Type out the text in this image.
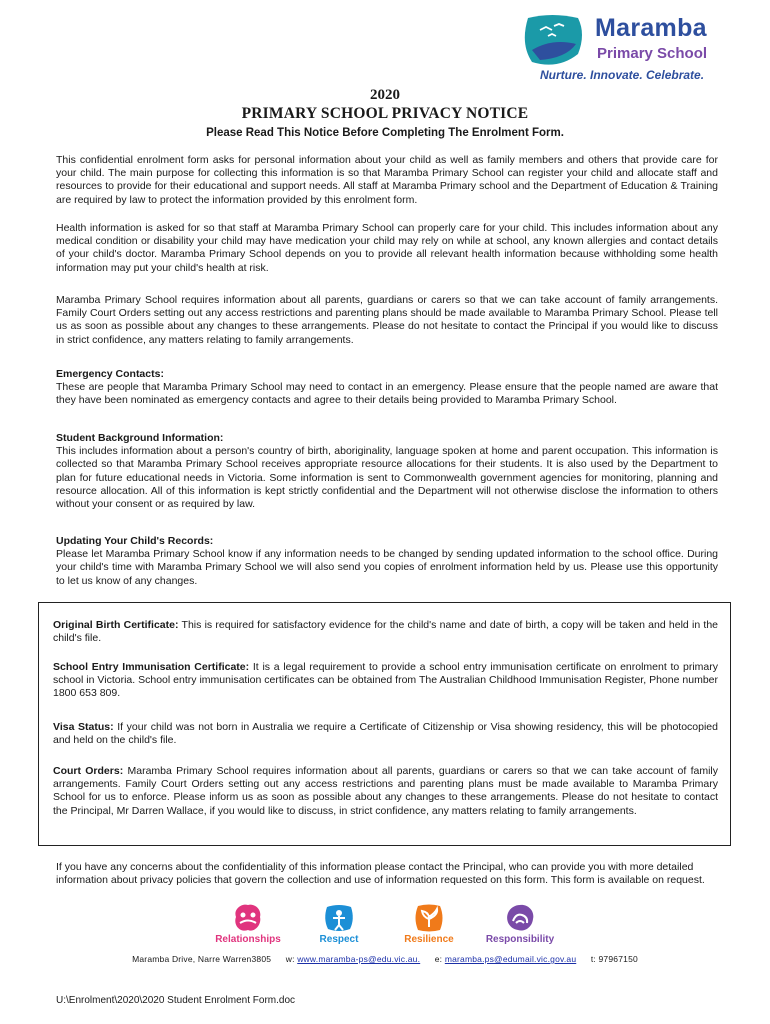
Maramba
Primary School
Nurture. Innovate. Celebrate.
2020
PRIMARY SCHOOL PRIVACY NOTICE
Please Read This Notice Before Completing The Enrolment Form.
This confidential enrolment form asks for personal information about your child as well as family members and others that provide care for your child. The main purpose for collecting this information is so that Maramba Primary School can register your child and allocate staff and resources to provide for their educational and support needs. All staff at Maramba Primary school and the Department of Education & Training are required by law to protect the information provided by this enrolment form.
Health information is asked for so that staff at Maramba Primary School can properly care for your child. This includes information about any medical condition or disability your child may have medication your child may rely on while at school, any known allergies and contact details of your child's doctor. Maramba Primary School depends on you to provide all relevant health information because withholding some health information may put your child's health at risk.
Maramba Primary School requires information about all parents, guardians or carers so that we can take account of family arrangements. Family Court Orders setting out any access restrictions and parenting plans should be made available to Maramba Primary School. Please tell us as soon as possible about any changes to these arrangements. Please do not hesitate to contact the Principal if you would like to discuss in strict confidence, any matters relating to family arrangements.
Emergency Contacts:
These are people that Maramba Primary School may need to contact in an emergency. Please ensure that the people named are aware that they have been nominated as emergency contacts and agree to their details being provided to Maramba Primary School.
Student Background Information:
This includes information about a person's country of birth, aboriginality, language spoken at home and parent occupation. This information is collected so that Maramba Primary School receives appropriate resource allocations for their students. It is also used by the Department to plan for future educational needs in Victoria. Some information is sent to Commonwealth government agencies for monitoring, planning and resource allocation. All of this information is kept strictly confidential and the Department will not otherwise disclose the information to others without your consent or as required by law.
Updating Your Child's Records:
Please let Maramba Primary School know if any information needs to be changed by sending updated information to the school office. During your child's time with Maramba Primary School we will also send you copies of enrolment information held by us. Please use this opportunity to let us know of any changes.
Original Birth Certificate: This is required for satisfactory evidence for the child's name and date of birth, a copy will be taken and held in the child's file.
School Entry Immunisation Certificate: It is a legal requirement to provide a school entry immunisation certificate on enrolment to primary school in Victoria. School entry immunisation certificates can be obtained from The Australian Childhood Immunisation Register, Phone number 1800 653 809.
Visa Status: If your child was not born in Australia we require a Certificate of Citizenship or Visa showing residency, this will be photocopied and held on the child's file.
Court Orders: Maramba Primary School requires information about all parents, guardians or carers so that we can take account of family arrangements. Family Court Orders setting out any access restrictions and parenting plans must be made available to Maramba Primary School for us to enforce. Please inform us as soon as possible about any changes to these arrangements. Please do not hesitate to contact the Principal, Mr Darren Wallace, if you would like to discuss, in strict confidence, any matters relating to family arrangements.
If you have any concerns about the confidentiality of this information please contact the Principal, who can provide you with more detailed information about privacy policies that govern the collection and use of information requested on this form. This form is available on request.
Relationships	Respect	Resilience	Responsibility
Maramba Drive, Narre Warren3805 w: www.maramba-ps@edu.vic.au. e: maramba.ps@edumail.vic.gov.au t: 97967150
U:\Enrolment\2020\2020 Student Enrolment Form.doc
